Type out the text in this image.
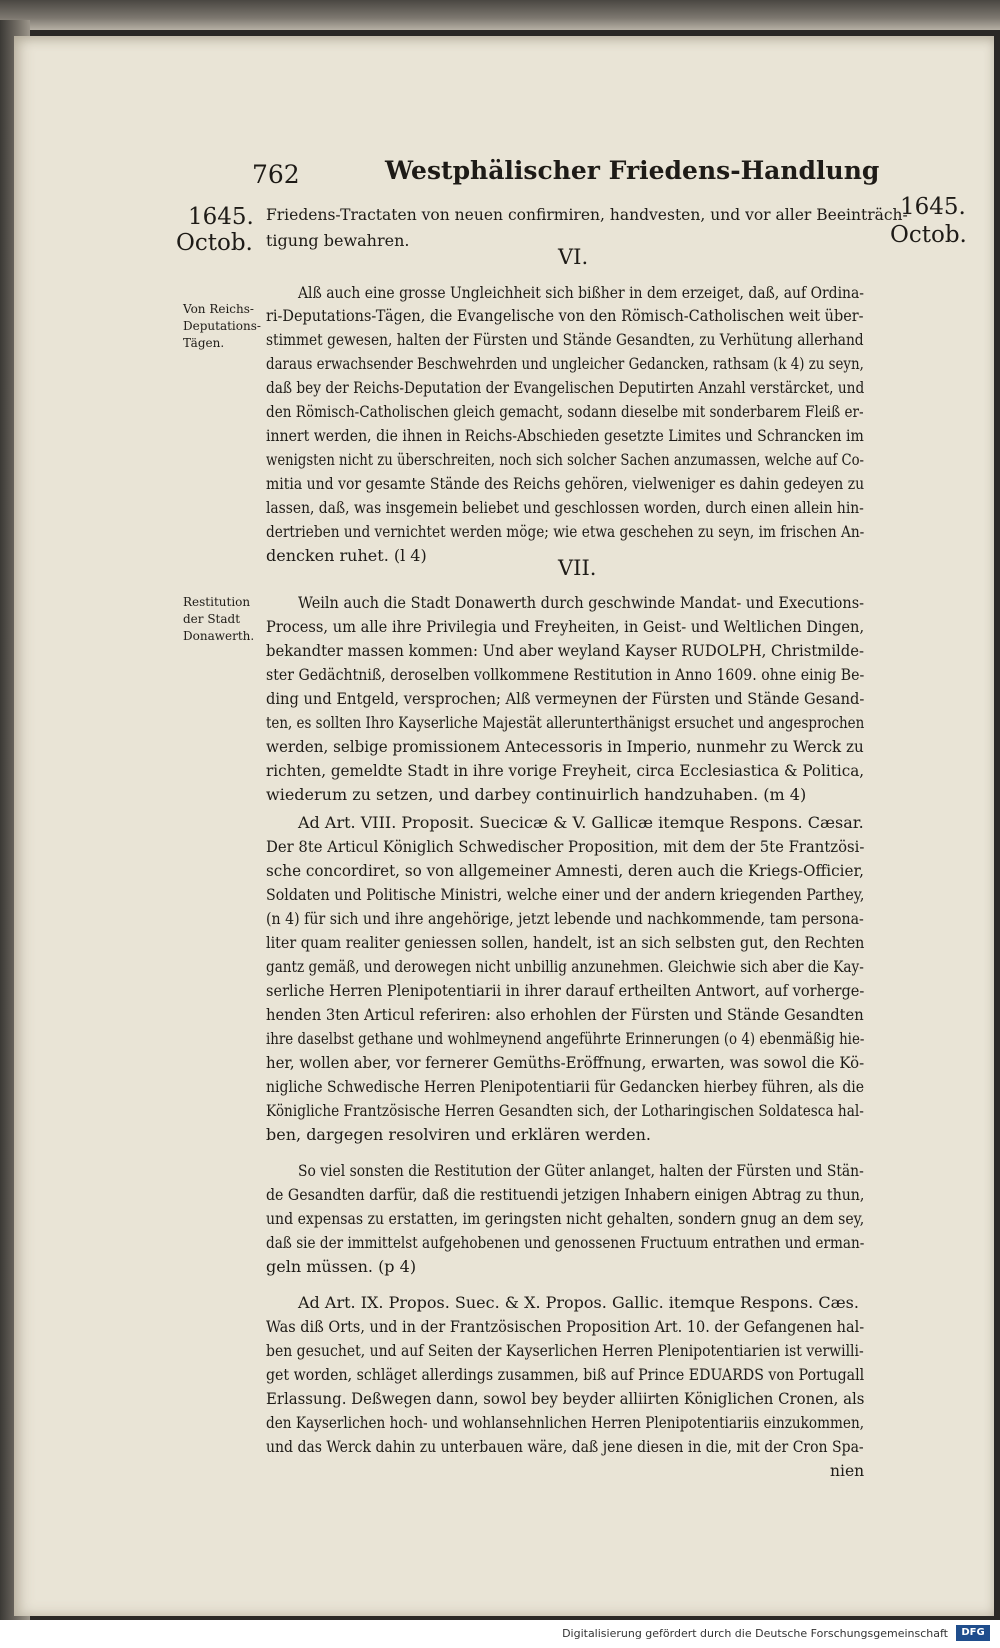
762	Westphälischer Friedens-Handlung
1645.
Octob.
1645.
Octob.
VI.
VII.
Von Reichs-Deputations-Tägen.
Restitution der Stadt Donawerth.
Friedens-Tractaten von neuen confirmiren, handvesten, und vor aller Beeinträch-
tigung bewahren.
Alß auch eine grosse Ungleichheit sich bißher in dem erzeiget, daß, auf Ordina-
ri-Deputations-Tägen, die Evangelische von den Römisch-Catholischen weit über-
stimmet gewesen, halten der Fürsten und Stände Gesandten, zu Verhütung allerhand
daraus erwachsender Beschwehrden und ungleicher Gedancken, rathsam (k 4) zu seyn,
daß bey der Reichs-Deputation der Evangelischen Deputirten Anzahl verstärcket, und
den Römisch-Catholischen gleich gemacht, sodann dieselbe mit sonderbarem Fleiß er-
innert werden, die ihnen in Reichs-Abschieden gesetzte Limites und Schrancken im
wenigsten nicht zu überschreiten, noch sich solcher Sachen anzumassen, welche auf Co-
mitia und vor gesamte Stände des Reichs gehören, vielweniger es dahin gedeyen zu
lassen, daß, was insgemein beliebet und geschlossen worden, durch einen allein hin-
dertrieben und vernichtet werden möge; wie etwa geschehen zu seyn, im frischen An-
dencken ruhet. (l 4)
Weiln auch die Stadt Donawerth durch geschwinde Mandat- und Executions-
Process, um alle ihre Privilegia und Freyheiten, in Geist- und Weltlichen Dingen,
bekandter massen kommen: Und aber weyland Kayser RUDOLPH, Christmilde-
ster Gedächtniß, deroselben vollkommene Restitution in Anno 1609. ohne einig Be-
ding und Entgeld, versprochen; Alß vermeynen der Fürsten und Stände Gesand-
ten, es sollten Ihro Kayserliche Majestät allerunterthänigst ersuchet und angesprochen
werden, selbige promissionem Antecessoris in Imperio, nunmehr zu Werck zu
richten, gemeldte Stadt in ihre vorige Freyheit, circa Ecclesiastica & Politica,
wiederum zu setzen, und darbey continuirlich handzuhaben. (m 4)
Ad Art. VIII. Proposit. Suecicæ & V. Gallicæ itemque Respons. Cæsar.
Der 8te Articul Königlich Schwedischer Proposition, mit dem der 5te Frantzösi-
sche concordiret, so von allgemeiner Amnesti, deren auch die Kriegs-Officier,
Soldaten und Politische Ministri, welche einer und der andern kriegenden Parthey,
(n 4) für sich und ihre angehörige, jetzt lebende und nachkommende, tam persona-
liter quam realiter geniessen sollen, handelt, ist an sich selbsten gut, den Rechten
gantz gemäß, und derowegen nicht unbillig anzunehmen. Gleichwie sich aber die Kay-
serliche Herren Plenipotentiarii in ihrer darauf ertheilten Antwort, auf vorherge-
henden 3ten Articul referiren: also erhohlen der Fürsten und Stände Gesandten
ihre daselbst gethane und wohlmeynend angeführte Erinnerungen (o 4) ebenmäßig hie-
her, wollen aber, vor fernerer Gemüths-Eröffnung, erwarten, was sowol die Kö-
nigliche Schwedische Herren Plenipotentiarii für Gedancken hierbey führen, als die
Königliche Frantzösische Herren Gesandten sich, der Lotharingischen Soldatesca hal-
ben, dargegen resolviren und erklären werden.
So viel sonsten die Restitution der Güter anlanget, halten der Fürsten und Stän-
de Gesandten darfür, daß die restituendi jetzigen Inhabern einigen Abtrag zu thun,
und expensas zu erstatten, im geringsten nicht gehalten, sondern gnug an dem sey,
daß sie der immittelst aufgehobenen und genossenen Fructuum entrathen und erman-
geln müssen. (p 4)
Ad Art. IX. Propos. Suec. & X. Propos. Gallic. itemque Respons. Cæs.
Was diß Orts, und in der Frantzösischen Proposition Art. 10. der Gefangenen hal-
ben gesuchet, und auf Seiten der Kayserlichen Herren Plenipotentiarien ist verwilli-
get worden, schläget allerdings zusammen, biß auf Prince EDUARDS von Portugall
Erlassung. Deßwegen dann, sowol bey beyder alliirten Königlichen Cronen, als
den Kayserlichen hoch- und wohlansehnlichen Herren Plenipotentiariis einzukommen,
und das Werck dahin zu unterbauen wäre, daß jene diesen in die, mit der Cron Spa-
nien
Digitalisierung gefördert durch die Deutsche Forschungsgemeinschaft	DFG
